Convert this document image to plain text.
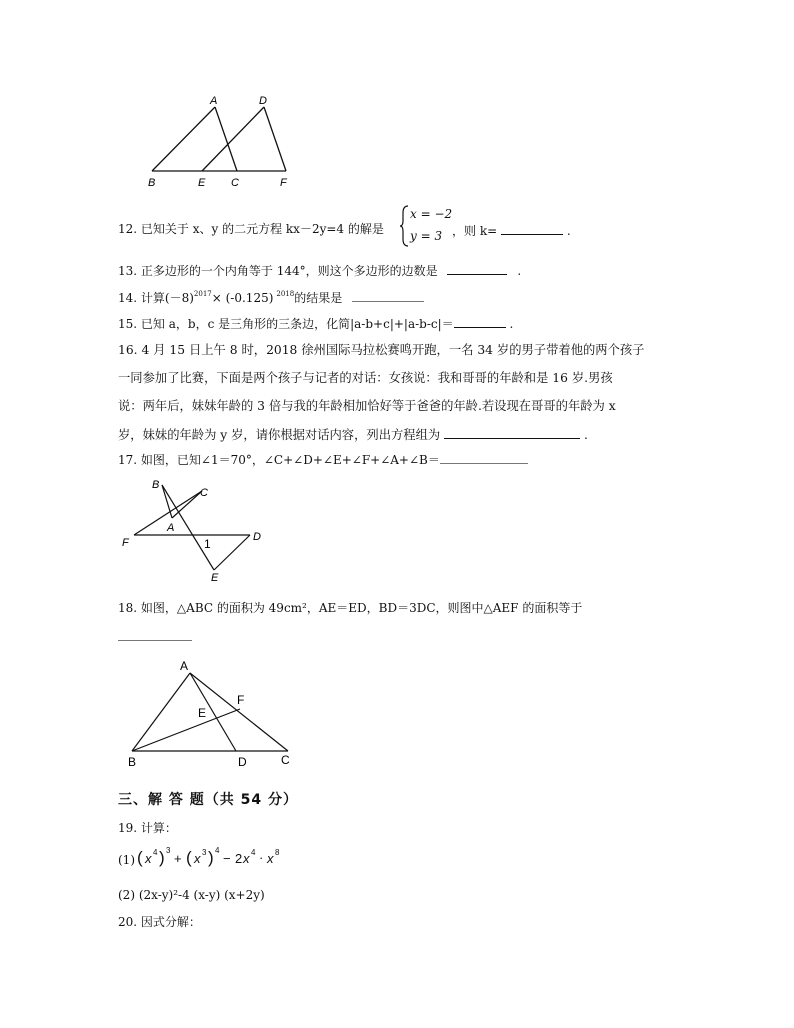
A	D
B	E C	F
12. 已知关于 x、y 的二元方程 kx－2y=4 的解是
x = −2
y = 3 ，则 k=	.
13. 正多边形的一个内角等于 144°，则这个多边形的边数是	.
14. 计算$(-8)^{2017}\times (-0.125)$ $^{2018}$的结果是
15. 已知 a，b，c 是三角形的三条边，化简|a-b+c|+|a-b-c|＝	.
16. 4 月 15 日上午 8 时，2018 徐州国际马拉松赛鸣开跑，一名 34 岁的男子带着他的两个孩子
一同参加了比赛，下面是两个孩子与记者的对话：女孩说：我和哥哥的年龄和是 16 岁.男孩
说：两年后，妹妹年龄的 3 倍与我的年龄相加恰好等于爸爸的年龄.若设现在哥哥的年龄为 x
岁，妹妹的年龄为 y 岁，请你根据对话内容，列出方程组为	.
17. 如图，已知∠1＝70°，∠C+∠D+∠E+∠F+∠A+∠B＝
B
C
A
F	1	D
E
18. 如图，△ABC 的面积为 49cm²，AE＝ED，BD＝3DC，则图中△AEF 的面积等于
A
F
E
B	D	C
三、解 答 题（共 54 分）
19. 计算：
(1) ( x 4 ) 3
+ ( x 3 ) 4
− 2 x 4 · x 8
(2) (2x-y)²-4 (x-y) (x+2y)
20. 因式分解：
